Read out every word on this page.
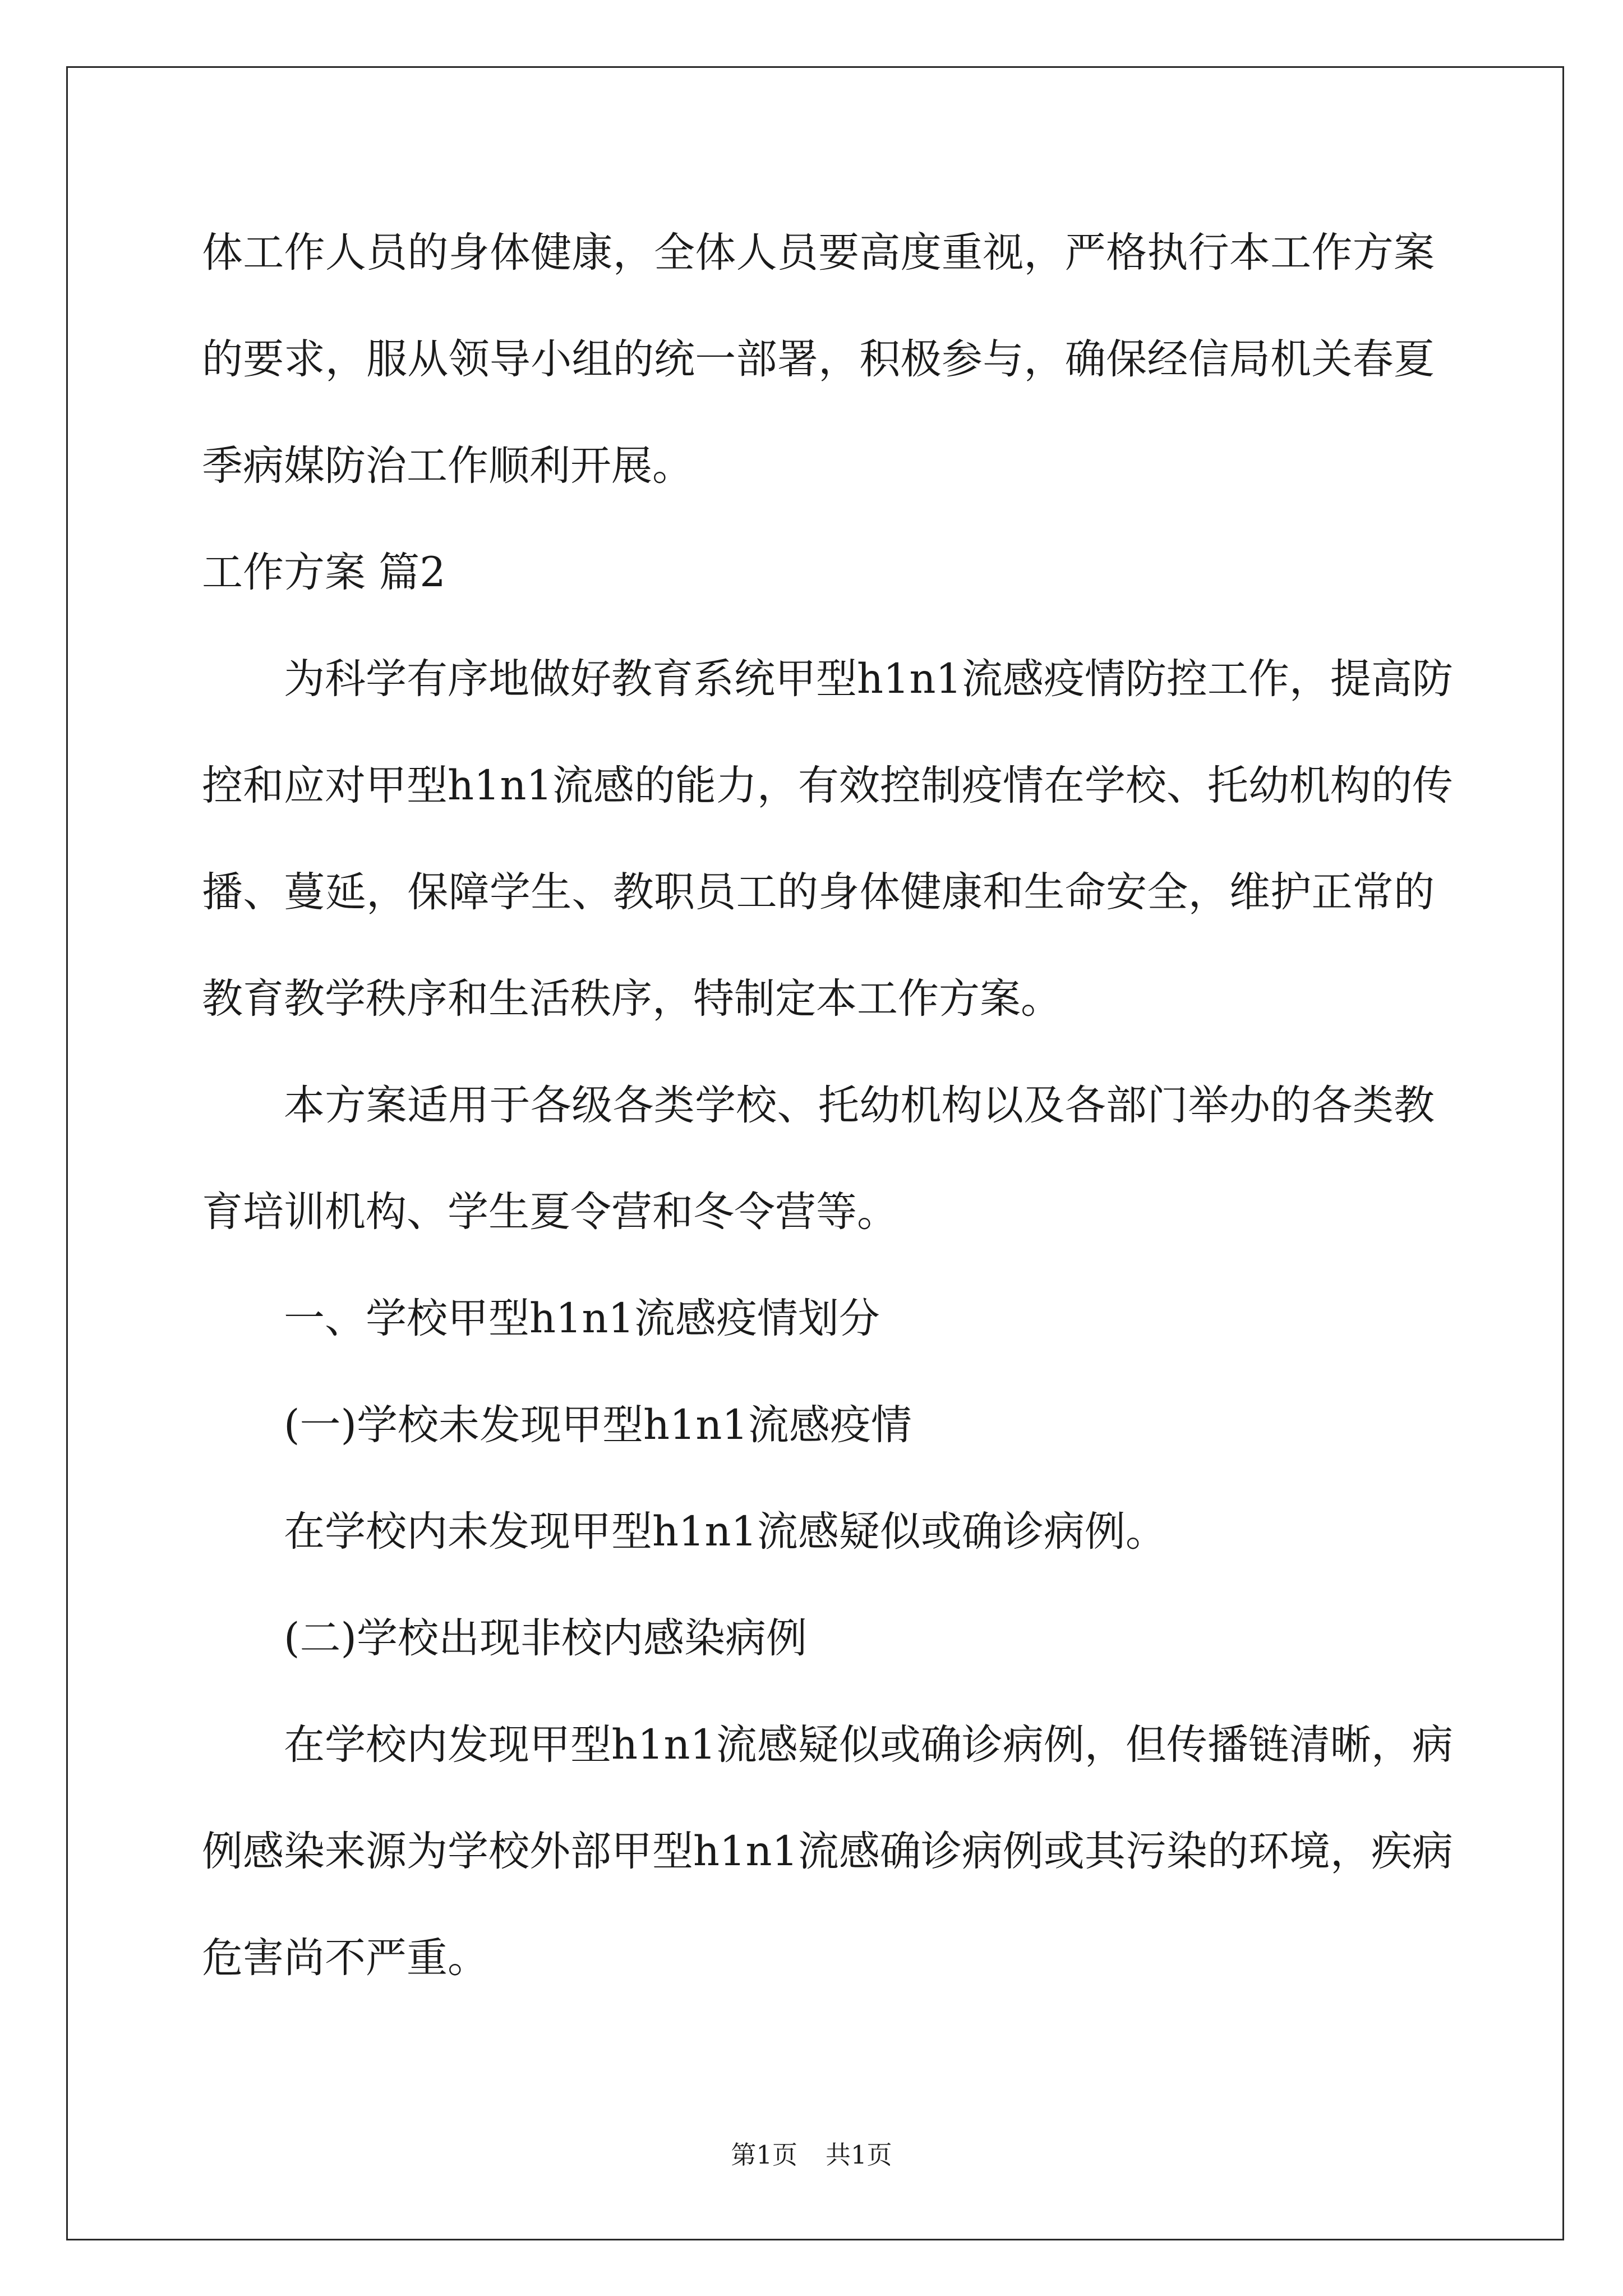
体工作人员的身体健康，全体人员要高度重视，严格执行本工作方案
的要求，服从领导小组的统一部署，积极参与，确保经信局机关春夏
季病媒防治工作顺利开展。
工作方案 篇2
为科学有序地做好教育系统甲型h1n1流感疫情防控工作，提高防
控和应对甲型h1n1流感的能力，有效控制疫情在学校、托幼机构的传
播、蔓延，保障学生、教职员工的身体健康和生命安全，维护正常的
教育教学秩序和生活秩序，特制定本工作方案。
本方案适用于各级各类学校、托幼机构以及各部门举办的各类教
育培训机构、学生夏令营和冬令营等。
一、学校甲型h1n1流感疫情划分
(一)学校未发现甲型h1n1流感疫情
在学校内未发现甲型h1n1流感疑似或确诊病例。
(二)学校出现非校内感染病例
在学校内发现甲型h1n1流感疑似或确诊病例，但传播链清晰，病
例感染来源为学校外部甲型h1n1流感确诊病例或其污染的环境，疾病
危害尚不严重。
第1页 共1页
